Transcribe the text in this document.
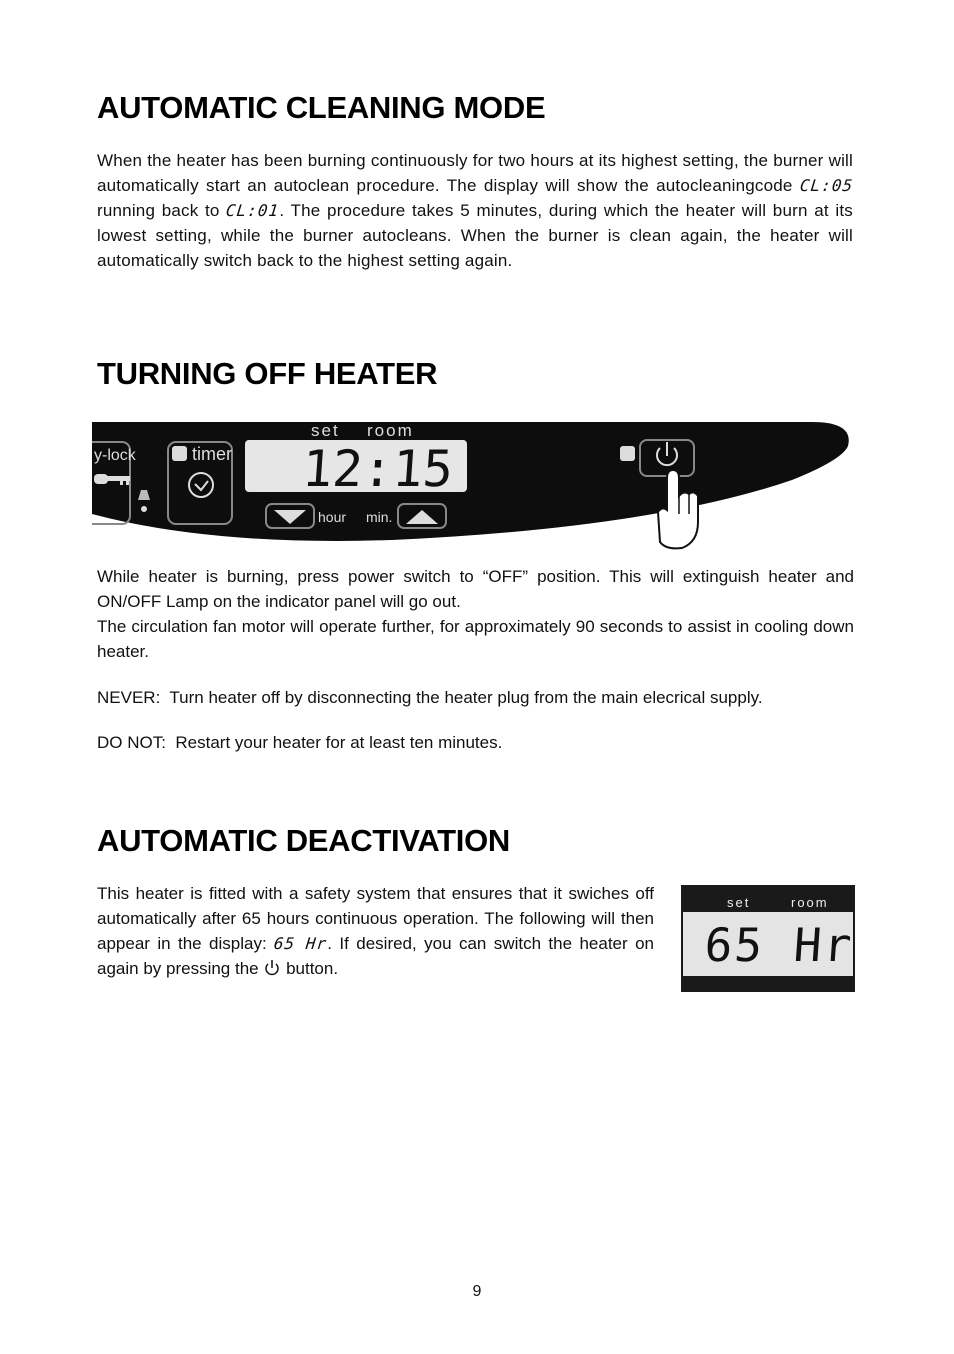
AUTOMATIC CLEANING MODE

When the heater has been burning continuously for two hours at its highest setting, the burner will automatically start an autoclean procedure. The display will show the autocleaningcode CL:05 running back to CL:01. The procedure takes 5 minutes, during which the heater will burn at its lowest setting, while the burner autocleans. When the burner is clean again, the heater will automatically switch back to the highest setting again.

TURNING OFF HEATER
y-lock	timer
set room
12:15
hour min.

While heater is burning, press power switch to “OFF” position. This will extinguish heater and ON/OFF Lamp on the indicator panel will go out.
The circulation fan motor will operate further, for approximately 90 seconds to assist in cooling down heater.

NEVER:  Turn heater off by disconnecting the heater plug from the main elecrical supply.

DO NOT:  Restart your heater for at least ten minutes.

AUTOMATIC DEACTIVATION

This heater is fitted with a safety system that ensures that it swiches off automatically after 65 hours continuous operation. The following will then appear in the display: 65 Hr. If desired, you can switch the heater on again by pressing the button.

set	room
65 Hr
9
